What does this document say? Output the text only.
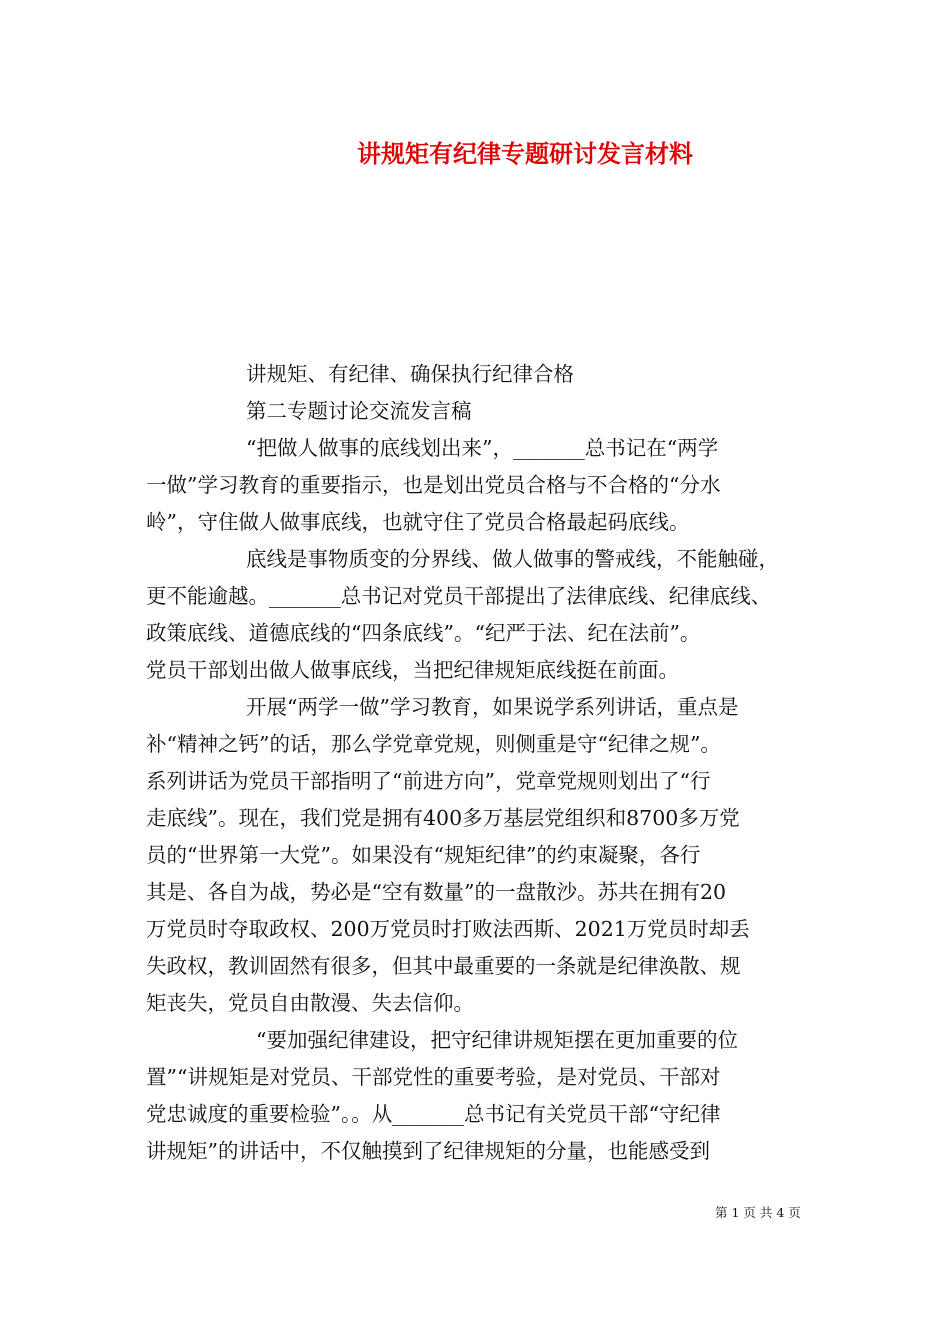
讲规矩有纪律专题研讨发言材料
讲规矩、有纪律、确保执行纪律合格
第二专题讨论交流发言稿
“把做人做事的底线划出来”，_______总书记在“两学
一做”学习教育的重要指示，也是划出党员合格与不合格的“分水
岭”，守住做人做事底线，也就守住了党员合格最起码底线。
底线是事物质变的分界线、做人做事的警戒线，不能触碰，
更不能逾越。_______总书记对党员干部提出了法律底线、纪律底线、
政策底线、道德底线的“四条底线”。“纪严于法、纪在法前”。
党员干部划出做人做事底线，当把纪律规矩底线挺在前面。
开展“两学一做”学习教育，如果说学系列讲话，重点是
补“精神之钙”的话，那么学党章党规，则侧重是守“纪律之规”。
系列讲话为党员干部指明了“前进方向”，党章党规则划出了“行
走底线”。现在，我们党是拥有400多万基层党组织和8700多万党
员的“世界第一大党”。如果没有“规矩纪律”的约束凝聚，各行
其是、各自为战，势必是“空有数量”的一盘散沙。苏共在拥有20
万党员时夺取政权、200万党员时打败法西斯、2021万党员时却丢
失政权，教训固然有很多，但其中最重要的一条就是纪律涣散、规
矩丧失，党员自由散漫、失去信仰。
“要加强纪律建设，把守纪律讲规矩摆在更加重要的位
置”“讲规矩是对党员、干部党性的重要考验，是对党员、干部对
党忠诚度的重要检验”。。从_______总书记有关党员干部“守纪律
讲规矩”的讲话中，不仅触摸到了纪律规矩的分量，也能感受到
第 1 页 共 4 页
